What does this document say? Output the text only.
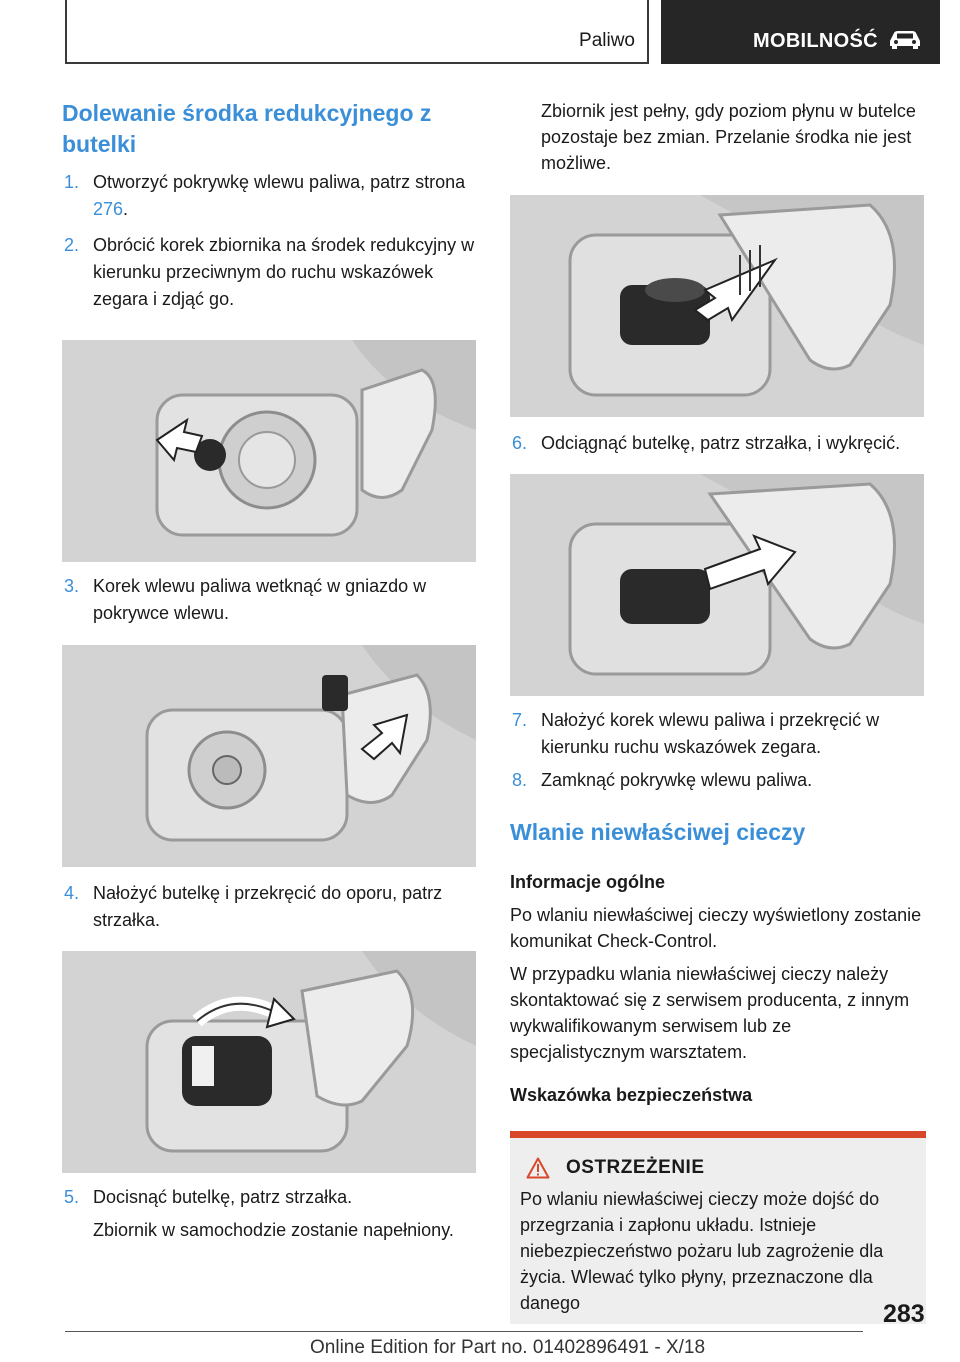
Paliwo	MOBILNOŚĆ
Dolewanie środka redukcyjnego z butelki
1. Otworzyć pokrywkę wlewu paliwa, patrz strona 276.
2. Obrócić korek zbiornika na środek redukcyjny w kierunku przeciwnym do ruchu wskazówek zegara i zdjąć go.
3. Korek wlewu paliwa wetknąć w gniazdo w pokrywce wlewu.
4. Nałożyć butelkę i przekręcić do oporu, patrz strzałka.
5. Docisnąć butelkę, patrz strzałka.

Zbiornik w samochodzie zostanie napełniony.

Zbiornik jest pełny, gdy poziom płynu w butelce pozostaje bez zmian. Przelanie środka nie jest możliwe.

6. Odciągnąć butelkę, patrz strzałka, i wykręcić.
7. Nałożyć korek wlewu paliwa i przekręcić w kierunku ruchu wskazówek zegara.
8. Zamknąć pokrywkę wlewu paliwa.
Wlanie niewłaściwej cieczy
Informacje ogólne

Po wlaniu niewłaściwej cieczy wyświetlony zostanie komunikat Check-Control.

W przypadku wlania niewłaściwej cieczy należy skontaktować się z serwisem producenta, z innym wykwalifikowanym serwisem lub ze specjalistycznym warsztatem.

Wskazówka bezpieczeństwa
OSTRZEŻENIE

Po wlaniu niewłaściwej cieczy może dojść do przegrzania i zapłonu układu. Istnieje niebezpieczeństwo pożaru lub zagrożenie dla życia. Wlewać tylko płyny, przeznaczone dla danego	283
Online Edition for Part no. 01402896491 - X/18
